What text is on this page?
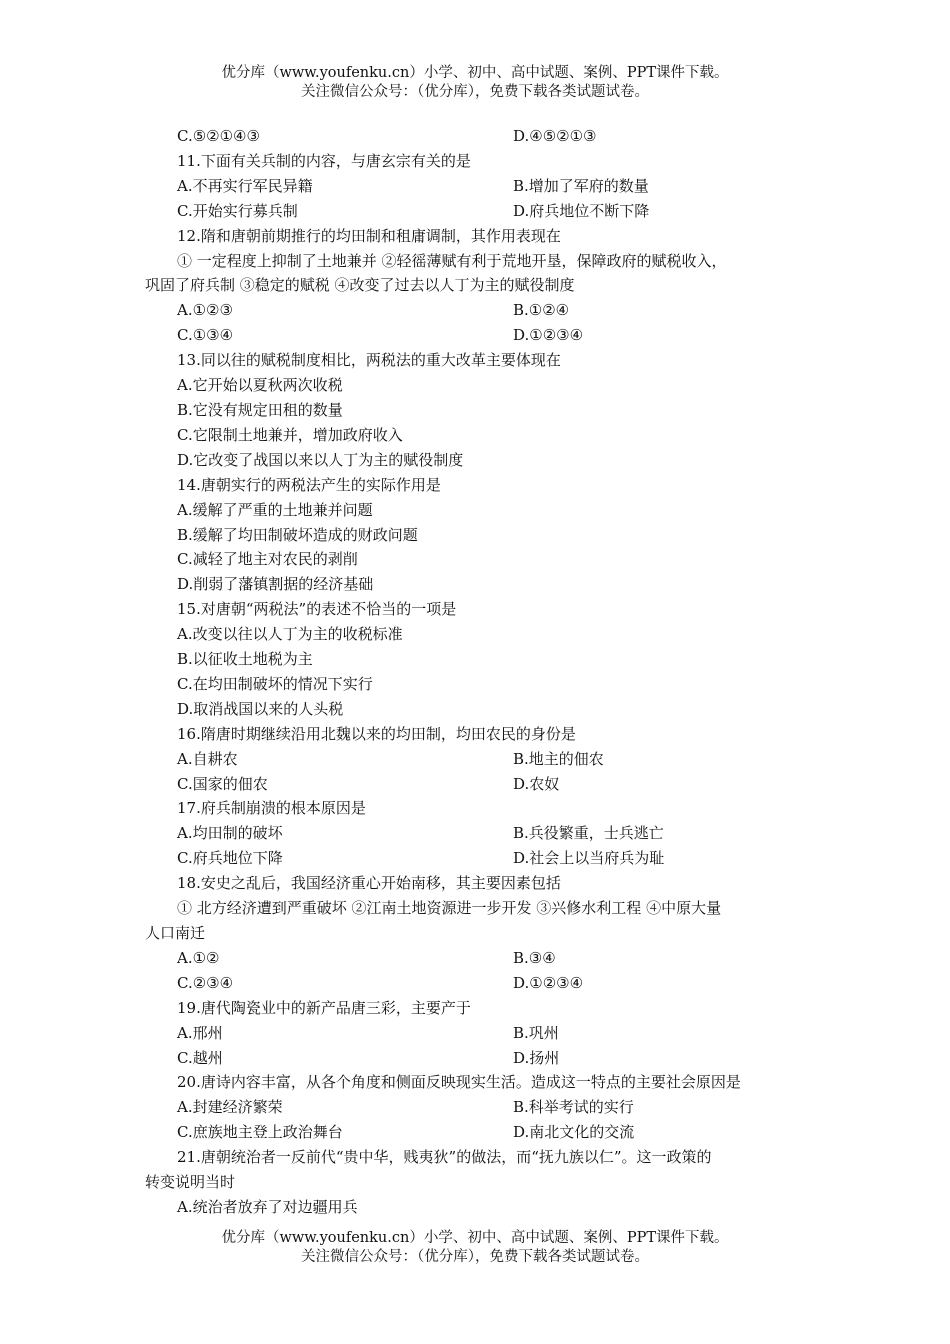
优分库（www.youfenku.cn）小学、初中、高中试题、案例、PPT课件下载。
关注微信公众号：（优分库），免费下载各类试题试卷。
C.⑤②①④③	D.④⑤②①③
11.下面有关兵制的内容，与唐玄宗有关的是
A.不再实行军民异籍	B.增加了军府的数量
C.开始实行募兵制	D.府兵地位不断下降
12.隋和唐朝前期推行的均田制和租庸调制，其作用表现在
① 一定程度上抑制了土地兼并 ②轻徭薄赋有利于荒地开垦，保障政府的赋税收入，
巩固了府兵制 ③稳定的赋税 ④改变了过去以人丁为主的赋役制度
A.①②③	B.①②④
C.①③④	D.①②③④
13.同以往的赋税制度相比，两税法的重大改革主要体现在
A.它开始以夏秋两次收税
B.它没有规定田租的数量
C.它限制土地兼并，增加政府收入
D.它改变了战国以来以人丁为主的赋役制度
14.唐朝实行的两税法产生的实际作用是
A.缓解了严重的土地兼并问题
B.缓解了均田制破坏造成的财政问题
C.减轻了地主对农民的剥削
D.削弱了藩镇割据的经济基础
15.对唐朝“两税法”的表述不恰当的一项是
A.改变以往以人丁为主的收税标准
B.以征收土地税为主
C.在均田制破坏的情况下实行
D.取消战国以来的人头税
16.隋唐时期继续沿用北魏以来的均田制，均田农民的身份是
A.自耕农	B.地主的佃农
C.国家的佃农	D.农奴
17.府兵制崩溃的根本原因是
A.均田制的破坏	B.兵役繁重，士兵逃亡
C.府兵地位下降	D.社会上以当府兵为耻
18.安史之乱后，我国经济重心开始南移，其主要因素包括
① 北方经济遭到严重破坏 ②江南土地资源进一步开发 ③兴修水利工程 ④中原大量
人口南迁
A.①②	B.③④
C.②③④	D.①②③④
19.唐代陶瓷业中的新产品唐三彩，主要产于
A.邢州	B.巩州
C.越州	D.扬州
20.唐诗内容丰富，从各个角度和侧面反映现实生活。造成这一特点的主要社会原因是
A.封建经济繁荣	B.科举考试的实行
C.庶族地主登上政治舞台	D.南北文化的交流
21.唐朝统治者一反前代“贵中华，贱夷狄”的做法，而“抚九族以仁”。这一政策的
转变说明当时
A.统治者放弃了对边疆用兵
优分库（www.youfenku.cn）小学、初中、高中试题、案例、PPT课件下载。
关注微信公众号：（优分库），免费下载各类试题试卷。
